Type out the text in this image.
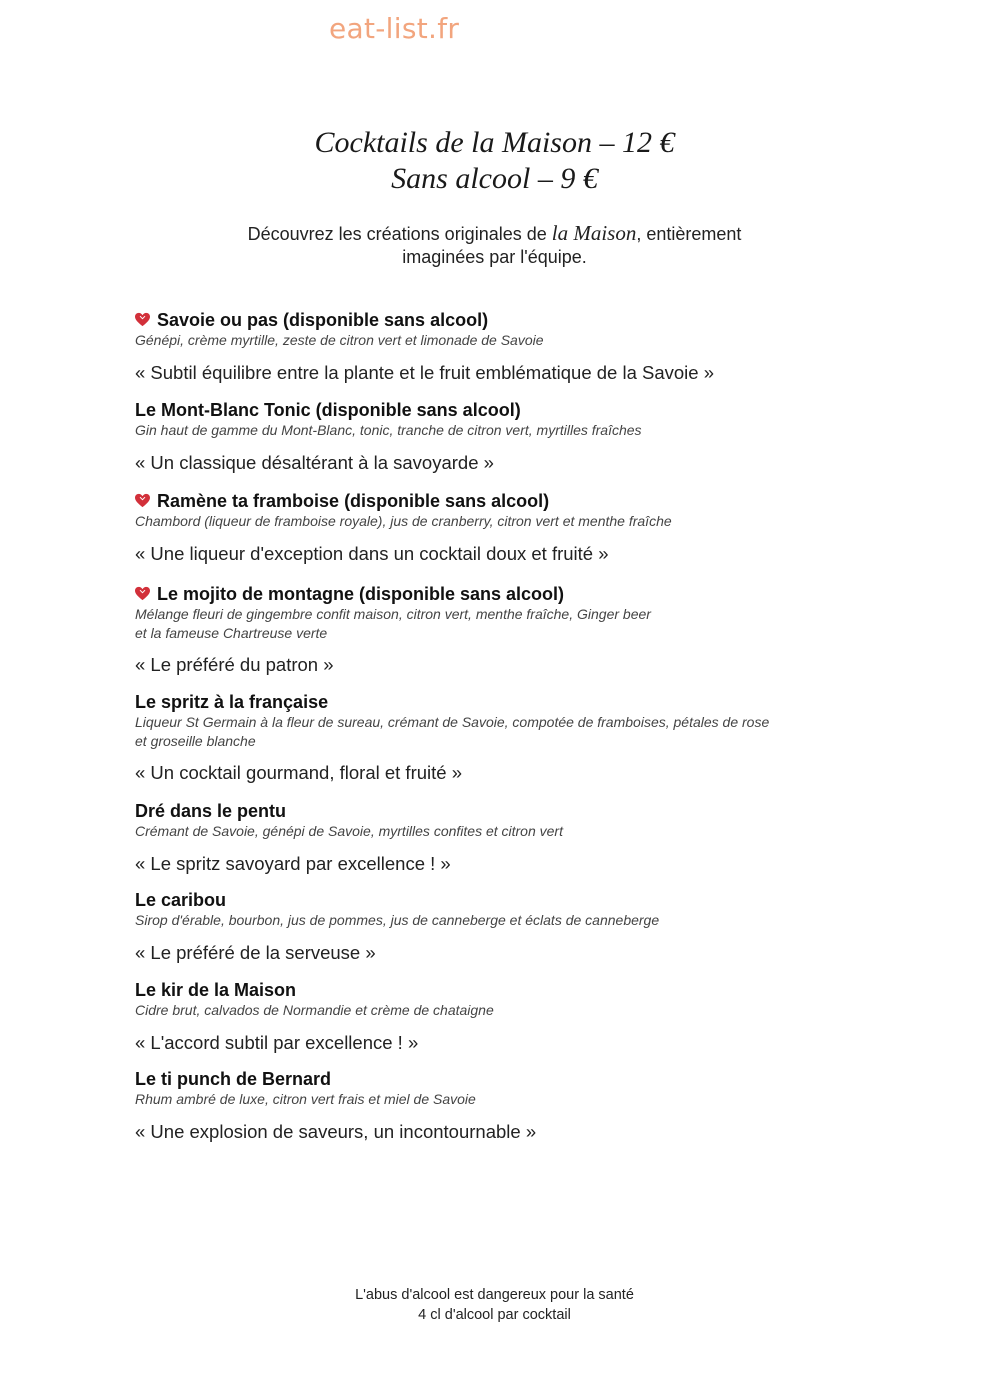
eat-list.fr
Cocktails de la Maison – 12 €
Sans alcool – 9 €
Découvrez les créations originales de la Maison, entièrement
imaginées par l'équipe.
Savoie ou pas (disponible sans alcool)
Génépi, crème myrtille, zeste de citron vert et limonade de Savoie
« Subtil équilibre entre la plante et le fruit emblématique de la Savoie »
Le Mont-Blanc Tonic (disponible sans alcool)
Gin haut de gamme du Mont-Blanc, tonic, tranche de citron vert, myrtilles fraîches
« Un classique désaltérant à la savoyarde »
Ramène ta framboise (disponible sans alcool)
Chambord (liqueur de framboise royale), jus de cranberry, citron vert et menthe fraîche
« Une liqueur d'exception dans un cocktail doux et fruité »
Le mojito de montagne (disponible sans alcool)
Mélange fleuri de gingembre confit maison, citron vert, menthe fraîche, Ginger beer
et la fameuse Chartreuse verte
« Le préféré du patron »
Le spritz à la française
Liqueur St Germain à la fleur de sureau, crémant de Savoie, compotée de framboises, pétales de rose
et groseille blanche
« Un cocktail gourmand, floral et fruité »
Dré dans le pentu
Crémant de Savoie, génépi de Savoie, myrtilles confites et citron vert
« Le spritz savoyard par excellence ! »
Le caribou
Sirop d'érable, bourbon, jus de pommes, jus de canneberge et éclats de canneberge
« Le préféré de la serveuse »
Le kir de la Maison
Cidre brut, calvados de Normandie et crème de chataigne
« L'accord subtil par excellence ! »
Le ti punch de Bernard
Rhum ambré de luxe, citron vert frais et miel de Savoie
« Une explosion de saveurs, un incontournable »
L'abus d'alcool est dangereux pour la santé
4 cl d'alcool par cocktail
